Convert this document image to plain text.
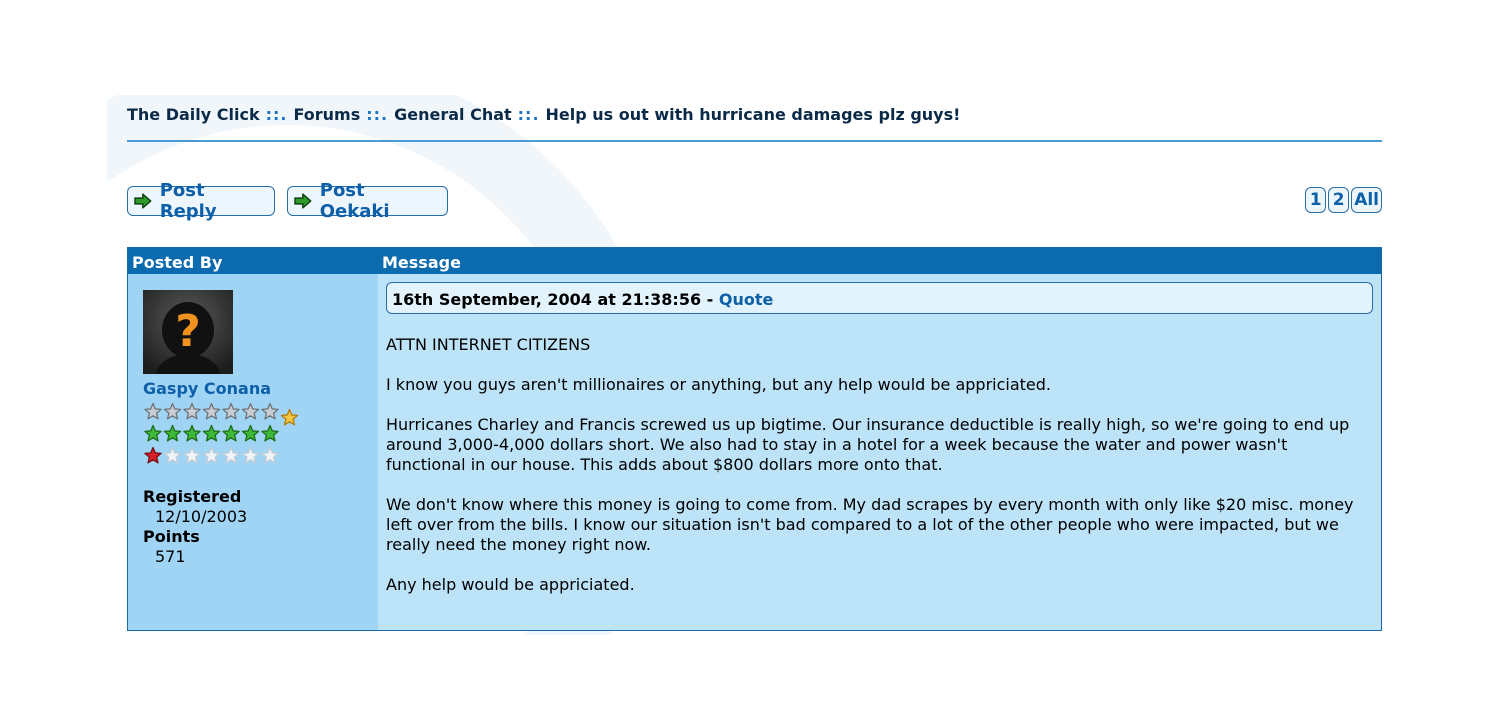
The Daily Click ::. Forums ::. General Chat ::. Help us out with hurricane damages plz guys!
Post Reply
Post Oekaki
1 2 All
Posted By	Message
?
Gaspy Conana
Registered
12/10/2003
Points
571
16th September, 2004 at 21:38:56 - Quote

ATTN INTERNET CITIZENS

I know you guys aren't millionaires or anything, but any help would be appriciated.

Hurricanes Charley and Francis screwed us up bigtime. Our insurance deductible is really high, so we're going to end up around 3,000-4,000 dollars short. We also had to stay in a hotel for a week because the water and power wasn't functional in our house. This adds about $800 dollars more onto that.

We don't know where this money is going to come from. My dad scrapes by every month with only like $20 misc. money left over from the bills. I know our situation isn't bad compared to a lot of the other people who were impacted, but we really need the money right now.

Any help would be appriciated.
